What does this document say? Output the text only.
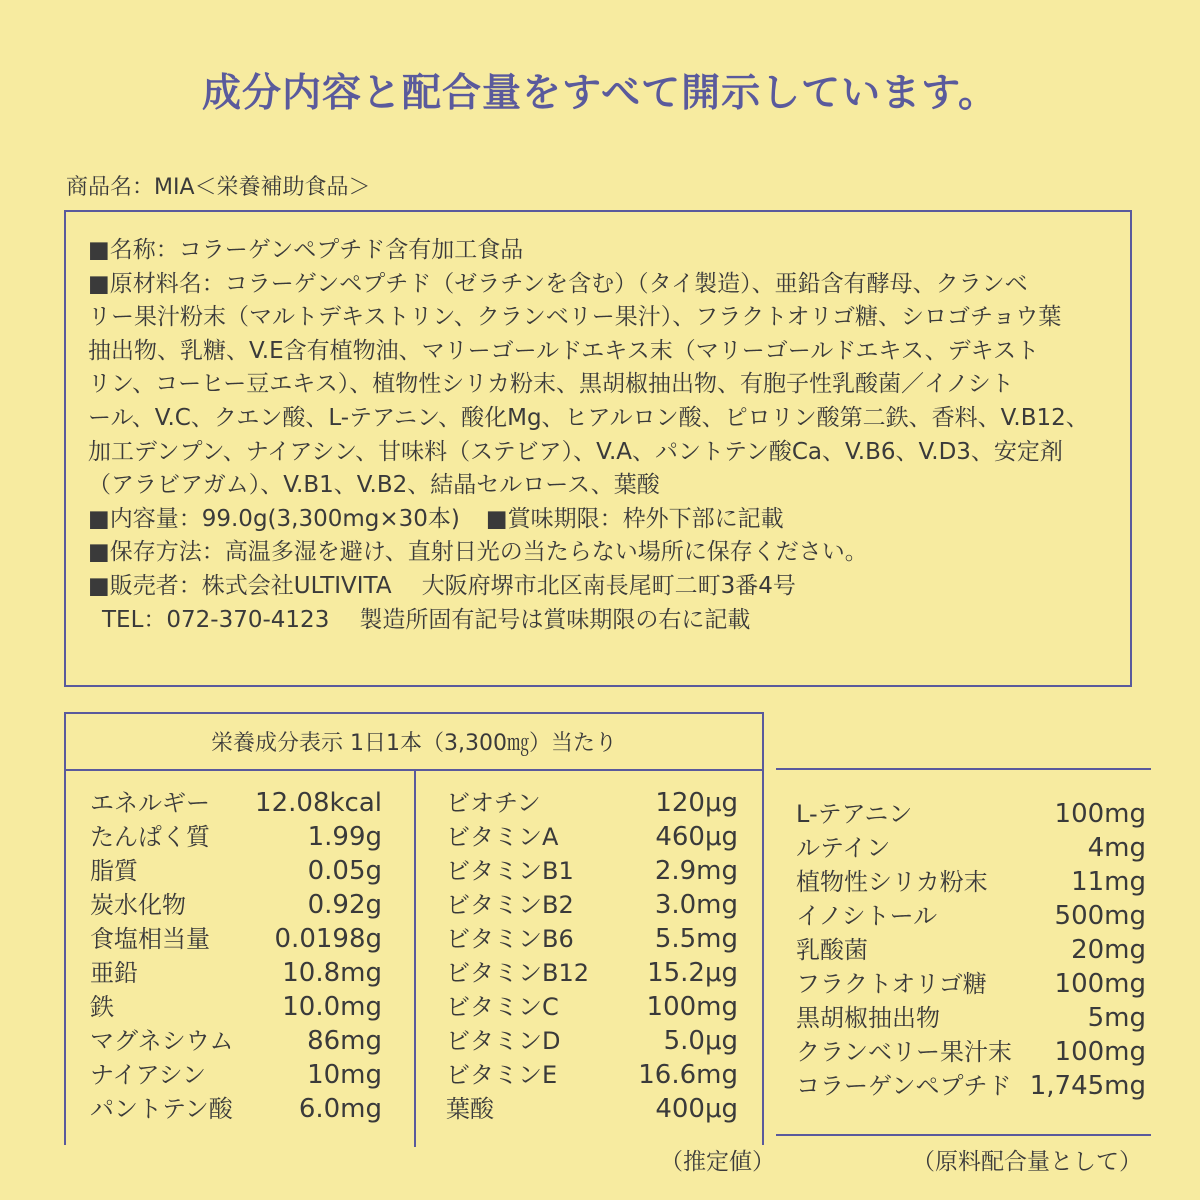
成分内容と配合量をすべて開示しています。
商品名：MIA＜栄養補助食品＞

■名称：コラーゲンペプチド含有加工食品

■原材料名：コラーゲンペプチド（ゼラチンを含む）（タイ製造）、亜鉛含有酵母、クランベ

リー果汁粉末（マルトデキストリン、クランベリー果汁）、フラクトオリゴ糖、シロゴチョウ葉

抽出物、乳糖、V.E含有植物油、マリーゴールドエキス末（マリーゴールドエキス、デキスト

リン、コーヒー豆エキス）、植物性シリカ粉末、黒胡椒抽出物、有胞子性乳酸菌／イノシト

ール、V.C、クエン酸、L-テアニン、酸化Mg、ヒアルロン酸、ピロリン酸第二鉄、香料、V.B12、

加工デンプン、ナイアシン、甘味料（ステビア）、V.A、パントテン酸Ca、V.B6、V.D3、安定剤

（アラビアガム）、V.B1、V.B2、結晶セルロース、葉酸

■内容量：99.0g(3,300mg×30本) ■賞味期限：枠外下部に記載

■保存方法：高温多湿を避け、直射日光の当たらない場所に保存ください。

■販売者：株式会社ULTIVITA 大阪府堺市北区南長尾町二町3番4号

TEL：072-370-4123 製造所固有記号は賞味期限の右に記載

栄養成分表示 1日1本（3,300㎎）当たり
エネルギー 12.08kcal
たんぱく質	1.99g
脂質	0.05g
炭水化物	0.92g
食塩相当量 0.0198g
亜鉛	10.8mg
鉄	10.0mg
マグネシウム	86mg
ナイアシン	10mg
パントテン酸	6.0mg
ビオチン	120μg
ビタミンA	460μg
ビタミンB1	2.9mg
ビタミンB2	3.0mg
ビタミンB6	5.5mg
ビタミンB12 15.2μg
ビタミンC	100mg
ビタミンD	5.0μg
ビタミンE	16.6mg
葉酸	400μg
L-テアニン	100mg
ルテイン	4mg
植物性シリカ粉末	11mg
イノシトール	500mg
乳酸菌	20mg
フラクトオリゴ糖	100mg
黒胡椒抽出物	5mg
クランベリー果汁末 100mg
コラーゲンペプチド 1,745mg
（推定値）	（原料配合量として）
